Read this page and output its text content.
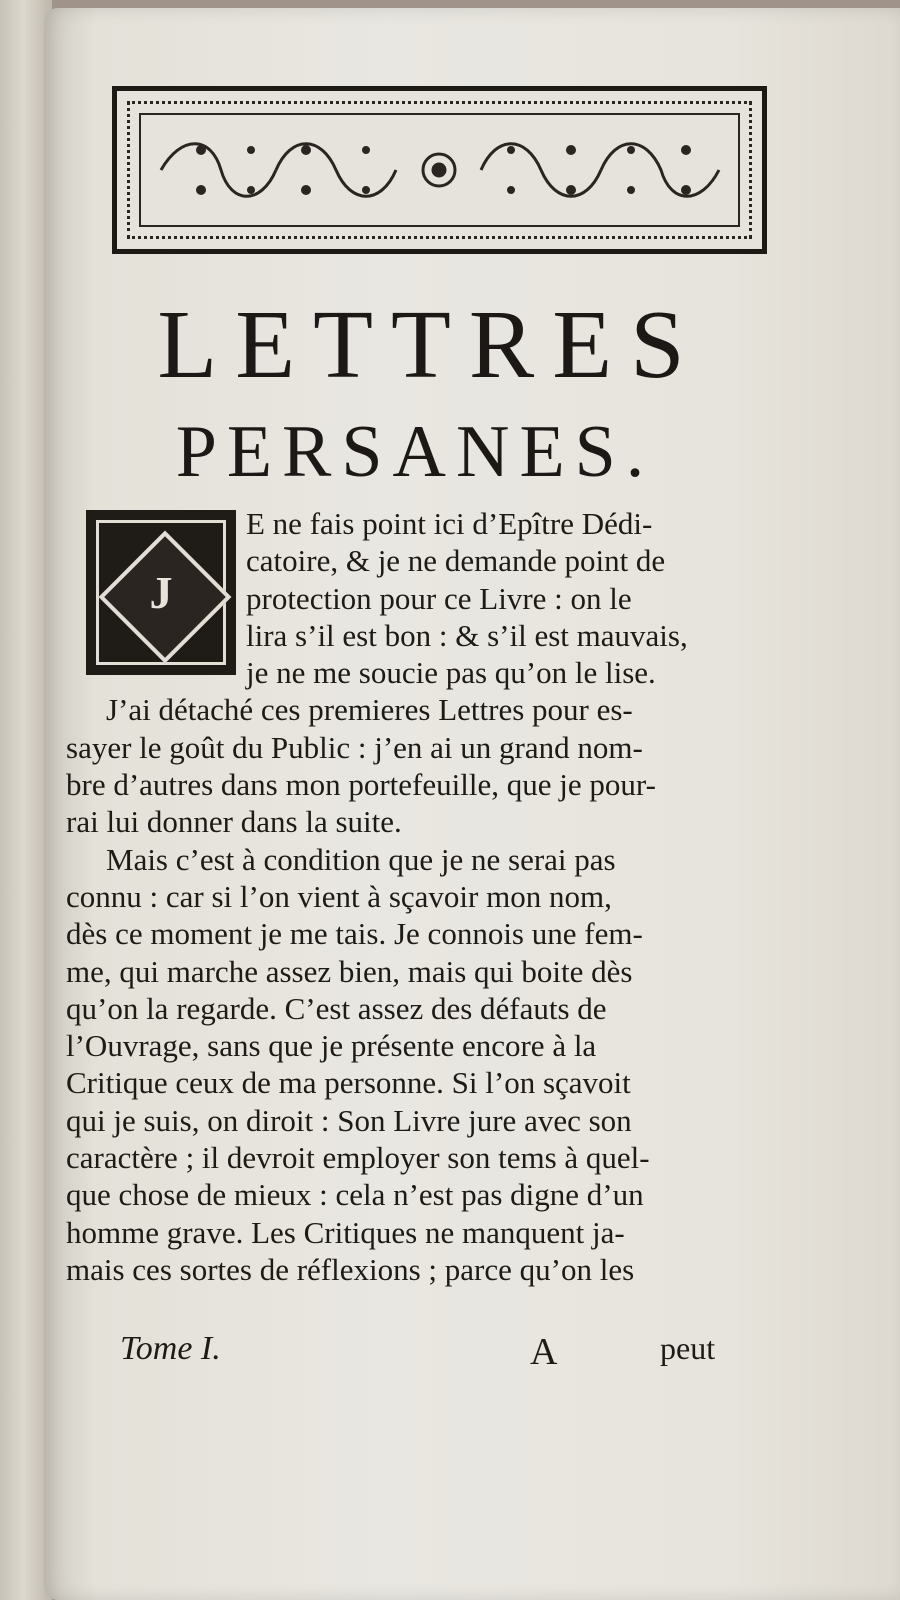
LETTRES
PERSANES.
J
E ne fais point ici d’Epître Dédi-
catoire, & je ne demande point de
protection pour ce Livre : on le
lira s’il est bon : & s’il est mauvais,
je ne me soucie pas qu’on le lise.
J’ai détaché ces premieres Lettres pour es-
sayer le goût du Public : j’en ai un grand nom-
bre d’autres dans mon portefeuille, que je pour-
rai lui donner dans la suite.
Mais c’est à condition que je ne serai pas
connu : car si l’on vient à sçavoir mon nom,
dès ce moment je me tais. Je connois une fem-
me, qui marche assez bien, mais qui boite dès
qu’on la regarde. C’est assez des défauts de
l’Ouvrage, sans que je présente encore à la
Critique ceux de ma personne. Si l’on sçavoit
qui je suis, on diroit : Son Livre jure avec son
caractère ; il devroit employer son tems à quel-
que chose de mieux : cela n’est pas digne d’un
homme grave. Les Critiques ne manquent ja-
mais ces sortes de réflexions ; parce qu’on les
Tome I.	A	peut
